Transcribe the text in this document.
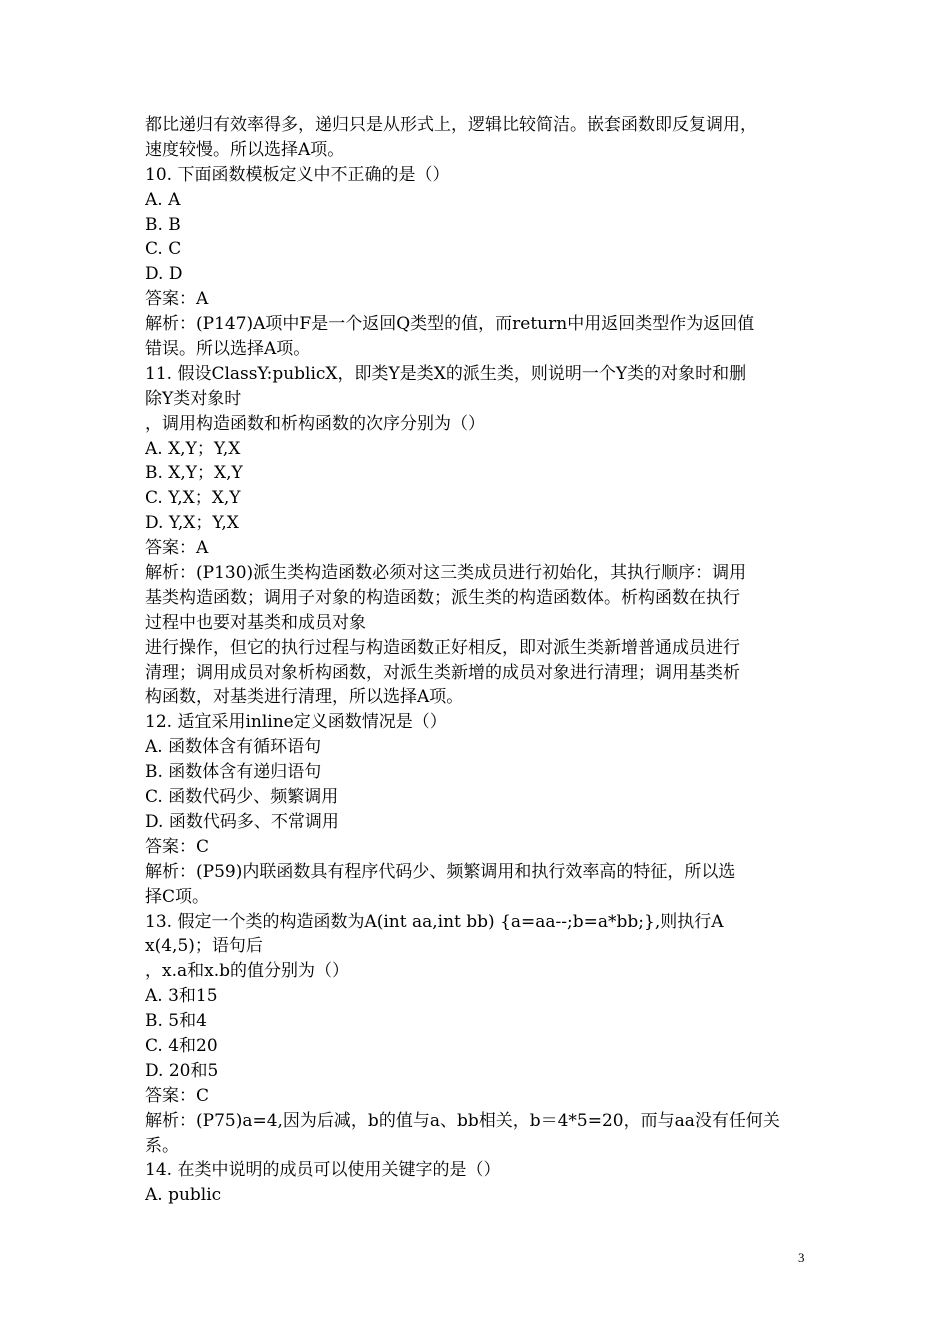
都比递归有效率得多，递归只是从形式上，逻辑比较简洁。嵌套函数即反复调用，
速度较慢。所以选择A项。
10. 下面函数模板定义中不正确的是（）
A. A
B. B
C. C
D. D
答案：A
解析：(P147)A项中F是一个返回Q类型的值，而return中用返回类型作为返回值
错误。所以选择A项。
11. 假设ClassY:publicX，即类Y是类X的派生类，则说明一个Y类的对象时和删
除Y类对象时
，调用构造函数和析构函数的次序分别为（）
A. X,Y；Y,X
B. X,Y；X,Y
C. Y,X；X,Y
D. Y,X；Y,X
答案：A
解析：(P130)派生类构造函数必须对这三类成员进行初始化，其执行顺序：调用
基类构造函数；调用子对象的构造函数；派生类的构造函数体。析构函数在执行
过程中也要对基类和成员对象
进行操作，但它的执行过程与构造函数正好相反，即对派生类新增普通成员进行
清理；调用成员对象析构函数，对派生类新增的成员对象进行清理；调用基类析
构函数，对基类进行清理，所以选择A项。
12. 适宜采用inline定义函数情况是（）
A. 函数体含有循环语句
B. 函数体含有递归语句
C. 函数代码少、频繁调用
D. 函数代码多、不常调用
答案：C
解析：(P59)内联函数具有程序代码少、频繁调用和执行效率高的特征，所以选
择C项。
13. 假定一个类的构造函数为A(int aa,int bb) {a=aa--;b=a*bb;},则执行A
x(4,5)；语句后
，x.a和x.b的值分别为（）
A. 3和15
B. 5和4
C. 4和20
D. 20和5
答案：C
解析：(P75)a=4,因为后减，b的值与a、bb相关，b＝4*5=20，而与aa没有任何关
系。
14. 在类中说明的成员可以使用关键字的是（）
A. public
3
